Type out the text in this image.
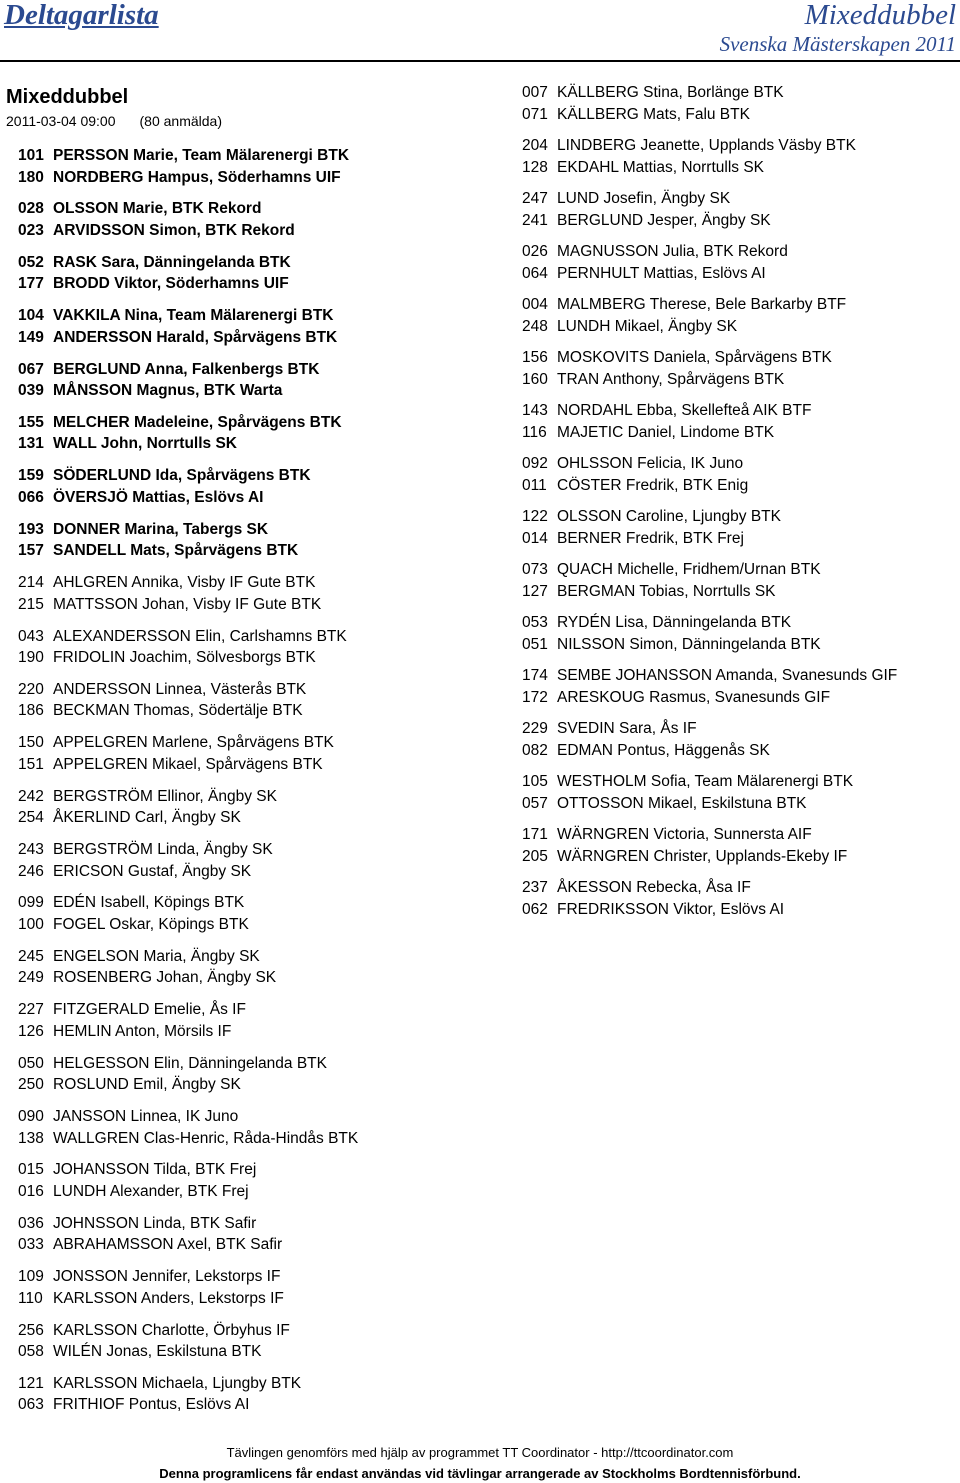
Deltagarlista	Mixeddubbel
Svenska Mästerskapen 2011
Mixeddubbel
2011-03-04 09:00 (80 anmälda)
101 PERSSON Marie, Team Mälarenergi BTK
180 NORDBERG Hampus, Söderhamns UIF
028 OLSSON Marie, BTK Rekord
023 ARVIDSSON Simon, BTK Rekord
052 RASK Sara, Dänningelanda BTK
177 BRODD Viktor, Söderhamns UIF
104 VAKKILA Nina, Team Mälarenergi BTK
149 ANDERSSON Harald, Spårvägens BTK
067 BERGLUND Anna, Falkenbergs BTK
039 MÅNSSON Magnus, BTK Warta
155 MELCHER Madeleine, Spårvägens BTK
131 WALL John, Norrtulls SK
159 SÖDERLUND Ida, Spårvägens BTK
066 ÖVERSJÖ Mattias, Eslövs AI
193 DONNER Marina, Tabergs SK
157 SANDELL Mats, Spårvägens BTK
214 AHLGREN Annika, Visby IF Gute BTK
215 MATTSSON Johan, Visby IF Gute BTK
043 ALEXANDERSSON Elin, Carlshamns BTK
190 FRIDOLIN Joachim, Sölvesborgs BTK
220 ANDERSSON Linnea, Västerås BTK
186 BECKMAN Thomas, Södertälje BTK
150 APPELGREN Marlene, Spårvägens BTK
151 APPELGREN Mikael, Spårvägens BTK
242 BERGSTRÖM Ellinor, Ängby SK
254 ÅKERLIND Carl, Ängby SK
243 BERGSTRÖM Linda, Ängby SK
246 ERICSON Gustaf, Ängby SK
099 EDÉN Isabell, Köpings BTK
100 FOGEL Oskar, Köpings BTK
245 ENGELSON Maria, Ängby SK
249 ROSENBERG Johan, Ängby SK
227 FITZGERALD Emelie, Ås IF
126 HEMLIN Anton, Mörsils IF
050 HELGESSON Elin, Dänningelanda BTK
250 ROSLUND Emil, Ängby SK
090 JANSSON Linnea, IK Juno
138 WALLGREN Clas-Henric, Råda-Hindås BTK
015 JOHANSSON Tilda, BTK Frej
016 LUNDH Alexander, BTK Frej
036 JOHNSSON Linda, BTK Safir
033 ABRAHAMSSON Axel, BTK Safir
109 JONSSON Jennifer, Lekstorps IF
110 KARLSSON Anders, Lekstorps IF
256 KARLSSON Charlotte, Örbyhus IF
058 WILÉN Jonas, Eskilstuna BTK
121 KARLSSON Michaela, Ljungby BTK
063 FRITHIOF Pontus, Eslövs AI
007 KÄLLBERG Stina, Borlänge BTK
071 KÄLLBERG Mats, Falu BTK
204 LINDBERG Jeanette, Upplands Väsby BTK
128 EKDAHL Mattias, Norrtulls SK
247 LUND Josefin, Ängby SK
241 BERGLUND Jesper, Ängby SK
026 MAGNUSSON Julia, BTK Rekord
064 PERNHULT Mattias, Eslövs AI
004 MALMBERG Therese, Bele Barkarby BTF
248 LUNDH Mikael, Ängby SK
156 MOSKOVITS Daniela, Spårvägens BTK
160 TRAN Anthony, Spårvägens BTK
143 NORDAHL Ebba, Skellefteå AIK BTF
116 MAJETIC Daniel, Lindome BTK
092 OHLSSON Felicia, IK Juno
011 CÖSTER Fredrik, BTK Enig
122 OLSSON Caroline, Ljungby BTK
014 BERNER Fredrik, BTK Frej
073 QUACH Michelle, Fridhem/Urnan BTK
127 BERGMAN Tobias, Norrtulls SK
053 RYDÉN Lisa, Dänningelanda BTK
051 NILSSON Simon, Dänningelanda BTK
174 SEMBE JOHANSSON Amanda, Svanesunds GIF
172 ARESKOUG Rasmus, Svanesunds GIF
229 SVEDIN Sara, Ås IF
082 EDMAN Pontus, Häggenås SK
105 WESTHOLM Sofia, Team Mälarenergi BTK
057 OTTOSSON Mikael, Eskilstuna BTK
171 WÄRNGREN Victoria, Sunnersta AIF
205 WÄRNGREN Christer, Upplands-Ekeby IF
237 ÅKESSON Rebecka, Åsa IF
062 FREDRIKSSON Viktor, Eslövs AI
Tävlingen genomförs med hjälp av programmet TT Coordinator - http://ttcoordinator.com
Denna programlicens får endast användas vid tävlingar arrangerade av Stockholms Bordtennisförbund.
